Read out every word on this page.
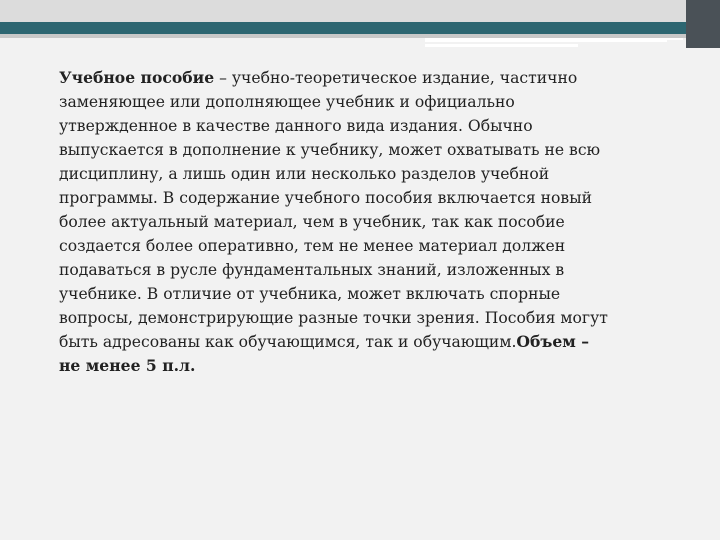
Учебное пособие – учебно-теоретическое издание, частично
заменяющее или дополняющее учебник и официально
утвержденное в качестве данного вида издания. Обычно
выпускается в дополнение к учебнику, может охватывать не всю
дисциплину, а лишь один или несколько разделов учебной
программы. В содержание учебного пособия включается новый
более актуальный материал, чем в учебник, так как пособие
создается более оперативно, тем не менее материал должен
подаваться в русле фундаментальных знаний, изложенных в
учебнике. В отличие от учебника, может включать спорные
вопросы, демонстрирующие разные точки зрения. Пособия могут
быть адресованы как обучающимся, так и обучающим.Объем –
не менее 5 п.л.
